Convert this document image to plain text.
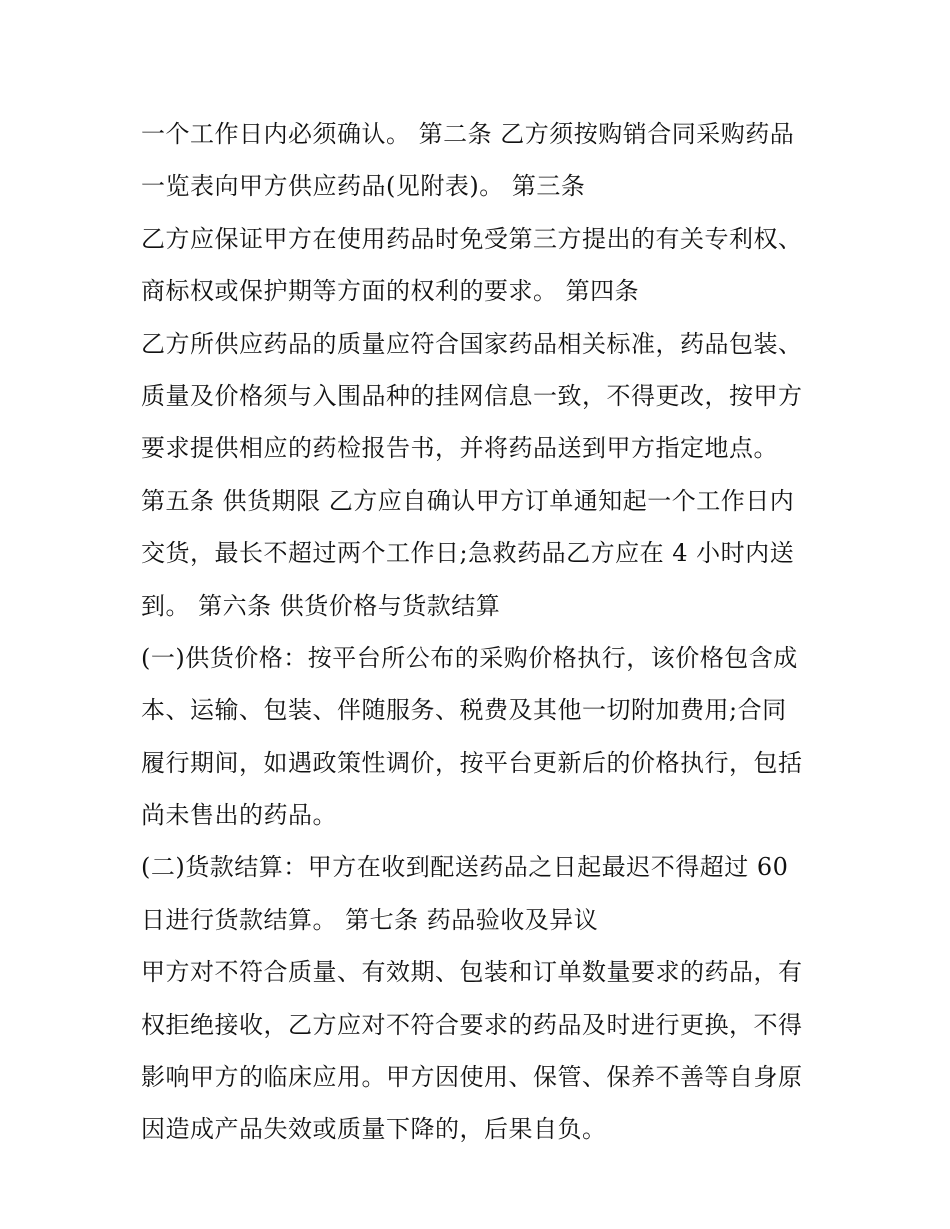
一个工作日内必须确认。 第二条 乙方须按购销合同采购药品
一览表向甲方供应药品(见附表)。 第三条
乙方应保证甲方在使用药品时免受第三方提出的有关专利权、
商标权或保护期等方面的权利的要求。 第四条
乙方所供应药品的质量应符合国家药品相关标准，药品包装、
质量及价格须与入围品种的挂网信息一致，不得更改，按甲方
要求提供相应的药检报告书，并将药品送到甲方指定地点。
第五条 供货期限 乙方应自确认甲方订单通知起一个工作日内
交货，最长不超过两个工作日;急救药品乙方应在 4 小时内送
到。 第六条 供货价格与货款结算
(一)供货价格：按平台所公布的采购价格执行，该价格包含成
本、运输、包装、伴随服务、税费及其他一切附加费用;合同
履行期间，如遇政策性调价，按平台更新后的价格执行，包括
尚未售出的药品。
(二)货款结算：甲方在收到配送药品之日起最迟不得超过 60
日进行货款结算。 第七条 药品验收及异议
甲方对不符合质量、有效期、包装和订单数量要求的药品，有
权拒绝接收，乙方应对不符合要求的药品及时进行更换，不得
影响甲方的临床应用。甲方因使用、保管、保养不善等自身原
因造成产品失效或质量下降的，后果自负。
